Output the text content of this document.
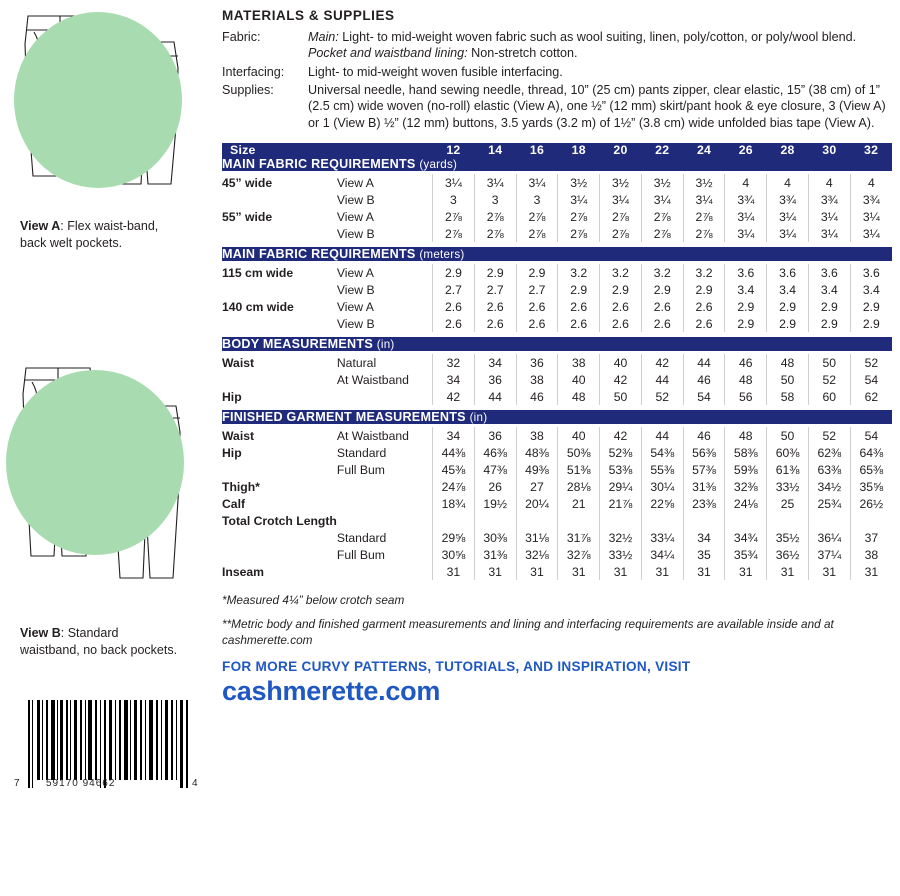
View A: Flex waist-band, back welt pockets.
View B: Standard waistband, no back pockets.
7	59170 94662	4
MATERIALS & SUPPLIES
Fabric:	Main: Light- to mid-weight woven fabric such as wool suiting, linen, poly/cotton, or poly/wool blend. Pocket and waistband lining: Non-stretch cotton.
Interfacing:	Light- to mid-weight woven fusible interfacing.
Supplies:	Universal needle, hand sewing needle, thread, 10” (25 cm) pants zipper, clear elastic, 15” (38 cm) of 1” (2.5 cm) wide woven (no-roll) elastic (View A), one ½” (12 mm) skirt/pant hook & eye closure, 3 (View A) or 1 (View B) ½” (12 mm) buttons, 3.5 yards (3.2 m) of 1½” (3.8 cm) wide unfolded bias tape (View A).
Size		12	14	16	18	20	22	24	26	28	30	32
MAIN FABRIC REQUIREMENTS (yards)												

45” wide	View A	3¼	3¼	3¼	3½	3½	3½	3½	4	4	4	4
	View B	3	3	3	3¼	3¼	3¼	3¼	3¾	3¾	3¾	3¾
55” wide	View A	2⅞	2⅞	2⅞	2⅞	2⅞	2⅞	2⅞	3¼	3¼	3¼	3¼
	View B	2⅞	2⅞	2⅞	2⅞	2⅞	2⅞	2⅞	3¼	3¼	3¼	3¼

MAIN FABRIC REQUIREMENTS (meters)												

115 cm wide	View A	2.9	2.9	2.9	3.2	3.2	3.2	3.2	3.6	3.6	3.6	3.6
	View B	2.7	2.7	2.7	2.9	2.9	2.9	2.9	3.4	3.4	3.4	3.4
140 cm wide	View A	2.6	2.6	2.6	2.6	2.6	2.6	2.6	2.9	2.9	2.9	2.9
	View B	2.6	2.6	2.6	2.6	2.6	2.6	2.6	2.9	2.9	2.9	2.9

BODY MEASUREMENTS (in)												

Waist	Natural	32	34	36	38	40	42	44	46	48	50	52
	At Waistband	34	36	38	40	42	44	46	48	50	52	54
Hip		42	44	46	48	50	52	54	56	58	60	62

FINISHED GARMENT MEASUREMENTS (in)												

Waist	At Waistband	34	36	38	40	42	44	46	48	50	52	54
Hip	Standard	44⅜	46⅜	48⅜	50⅜	52⅜	54⅜	56⅜	58⅜	60⅜	62⅜	64⅜
	Full Bum	45⅜	47⅜	49⅜	51⅜	53⅜	55⅜	57⅜	59⅜	61⅜	63⅜	65⅜
Thigh*		24⅞	26	27	28⅛	29¼	30¼	31⅜	32⅜	33½	34½	35⅝
Calf		18¾	19½	20¼	21	21⅞	22⅝	23⅜	24⅛	25	25¾	26½
Total Crotch Length												
	Standard	29⅝	30⅜	31⅛	31⅞	32½	33¼	34	34¾	35½	36¼	37
	Full Bum	30⅝	31⅜	32⅛	32⅞	33½	34¼	35	35¾	36½	37¼	38
Inseam		31	31	31	31	31	31	31	31	31	31	31

*Measured 4¼” below crotch seam
**Metric body and finished garment measurements and lining and interfacing requirements are available inside and at cashmerette.com
FOR MORE CURVY PATTERNS, TUTORIALS, AND INSPIRATION, VISIT
cashmerette.com
